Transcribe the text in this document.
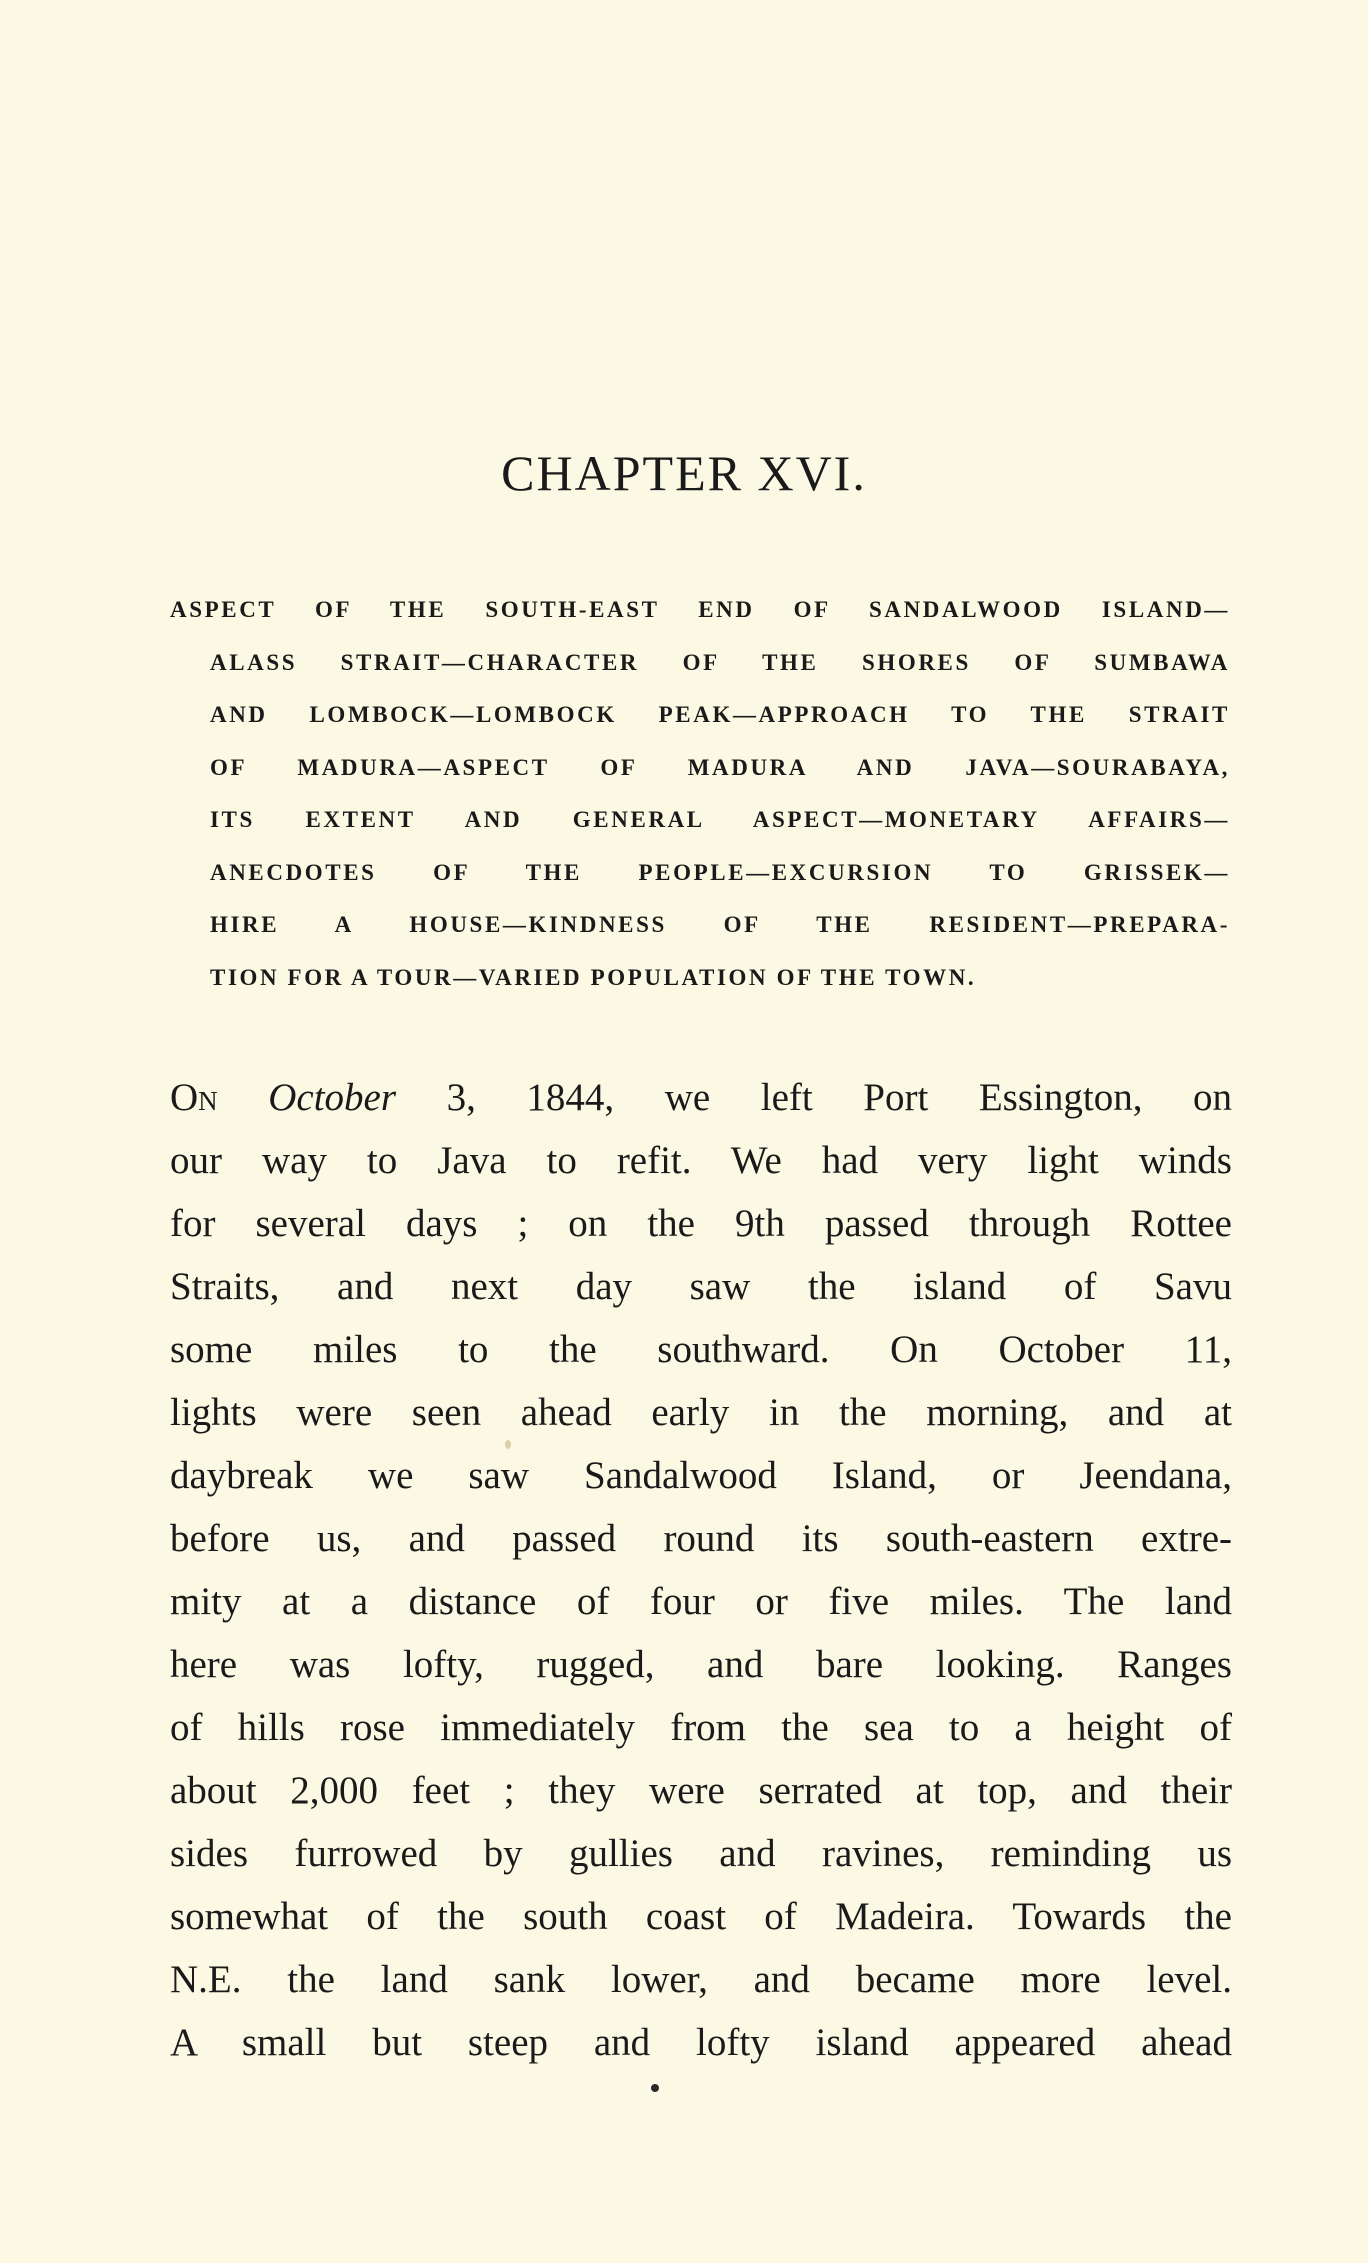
CHAPTER XVI.
ASPECT OF THE SOUTH-EAST END OF SANDALWOOD ISLAND—
ALASS STRAIT—CHARACTER OF THE SHORES OF SUMBAWA
AND LOMBOCK—LOMBOCK PEAK—APPROACH TO THE STRAIT
OF MADURA—ASPECT OF MADURA AND JAVA—SOURABAYA,
ITS EXTENT AND GENERAL ASPECT—MONETARY AFFAIRS—
ANECDOTES OF THE PEOPLE—EXCURSION TO GRISSEK—
HIRE A HOUSE—KINDNESS OF THE RESIDENT—PREPARA-
TION FOR A TOUR—VARIED POPULATION OF THE TOWN.
On October 3, 1844, we left Port Essington, on
our way to Java to refit. We had very light winds
for several days ; on the 9th passed through Rottee
Straits, and next day saw the island of Savu
some miles to the southward. On October 11,
lights were seen ahead early in the morning, and at
daybreak we saw Sandalwood Island, or Jeendana,
before us, and passed round its south-eastern extre-
mity at a distance of four or five miles. The land
here was lofty, rugged, and bare looking. Ranges
of hills rose immediately from the sea to a height of
about 2,000 feet ; they were serrated at top, and their
sides furrowed by gullies and ravines, reminding us
somewhat of the south coast of Madeira. Towards the
N.E. the land sank lower, and became more level.
A small but steep and lofty island appeared ahead
